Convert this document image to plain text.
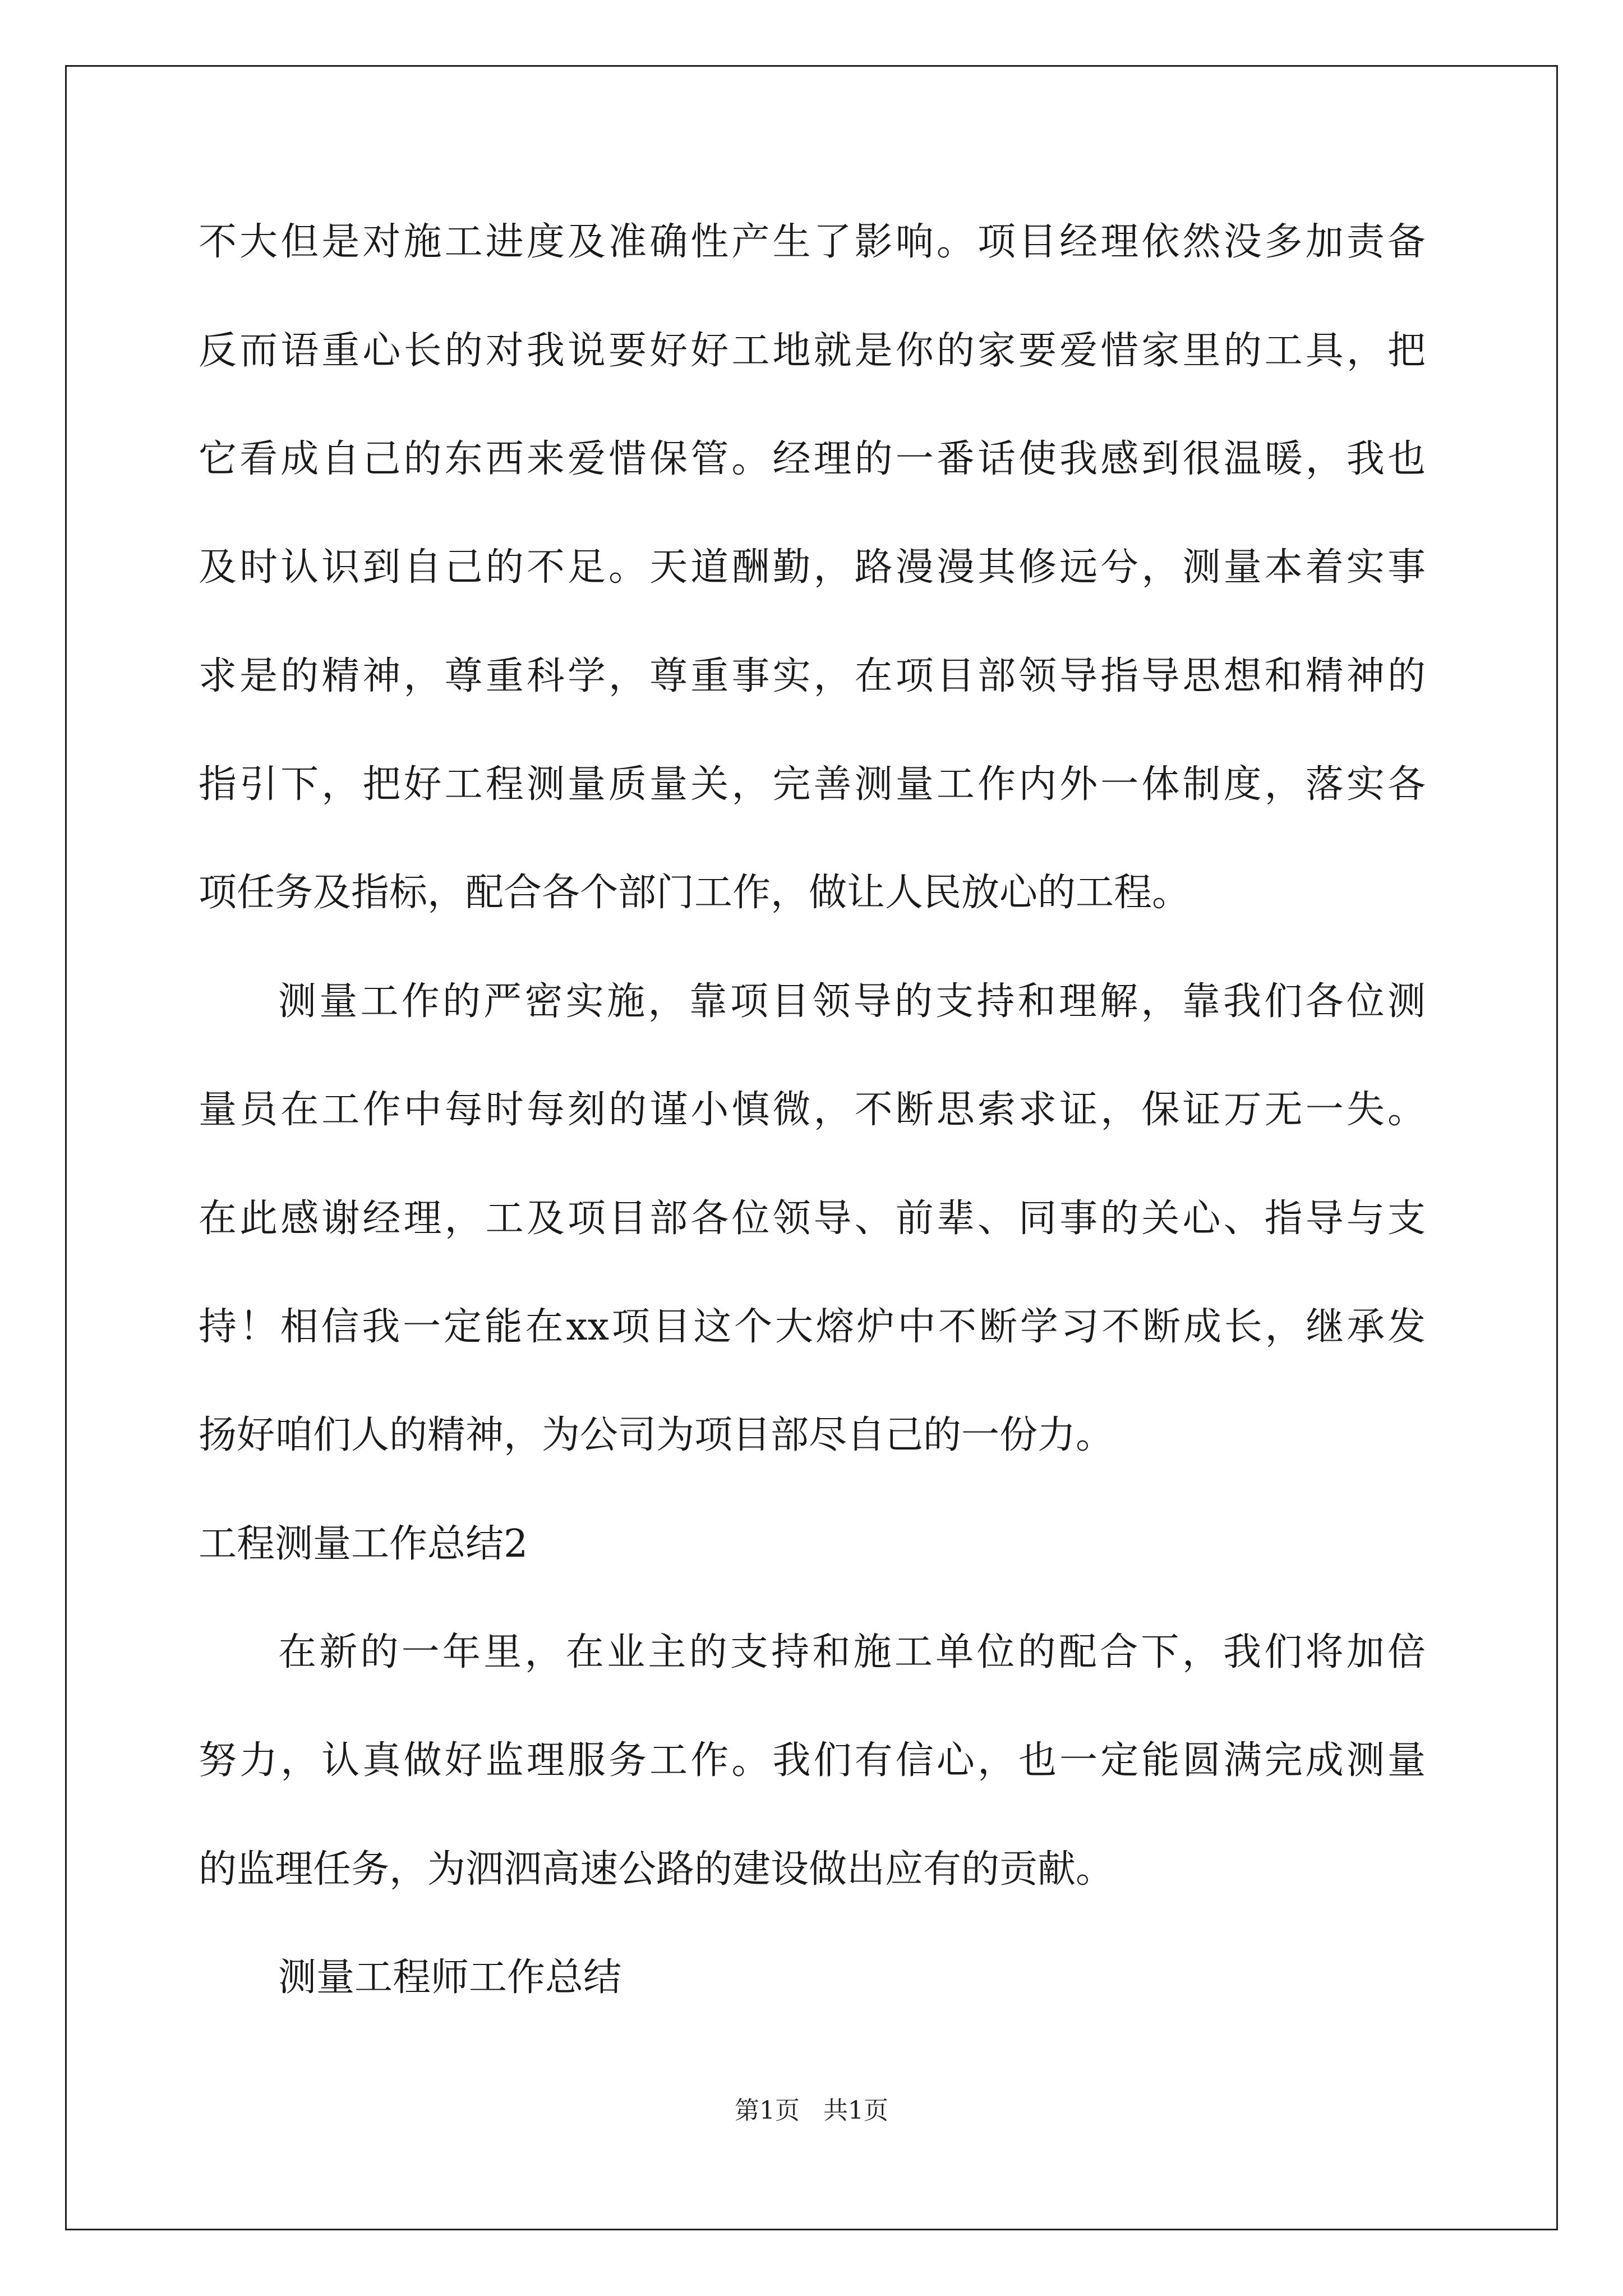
不大但是对施工进度及准确性产生了影响。项目经理依然没多加责备
反而语重心长的对我说要好好工地就是你的家要爱惜家里的工具，把
它看成自己的东西来爱惜保管。经理的一番话使我感到很温暖，我也
及时认识到自己的不足。天道酬勤，路漫漫其修远兮，测量本着实事
求是的精神，尊重科学，尊重事实，在项目部领导指导思想和精神的
指引下，把好工程测量质量关，完善测量工作内外一体制度，落实各
项任务及指标，配合各个部门工作，做让人民放心的工程。
测量工作的严密实施，靠项目领导的支持和理解，靠我们各位测
量员在工作中每时每刻的谨小慎微，不断思索求证，保证万无一失。
在此感谢经理，工及项目部各位领导、前辈、同事的关心、指导与支
持！相信我一定能在xx项目这个大熔炉中不断学习不断成长，继承发
扬好咱们人的精神，为公司为项目部尽自己的一份力。
工程测量工作总结2
在新的一年里，在业主的支持和施工单位的配合下，我们将加倍
努力，认真做好监理服务工作。我们有信心，也一定能圆满完成测量
的监理任务，为泗泗高速公路的建设做出应有的贡献。
测量工程师工作总结
第1页   共1页
